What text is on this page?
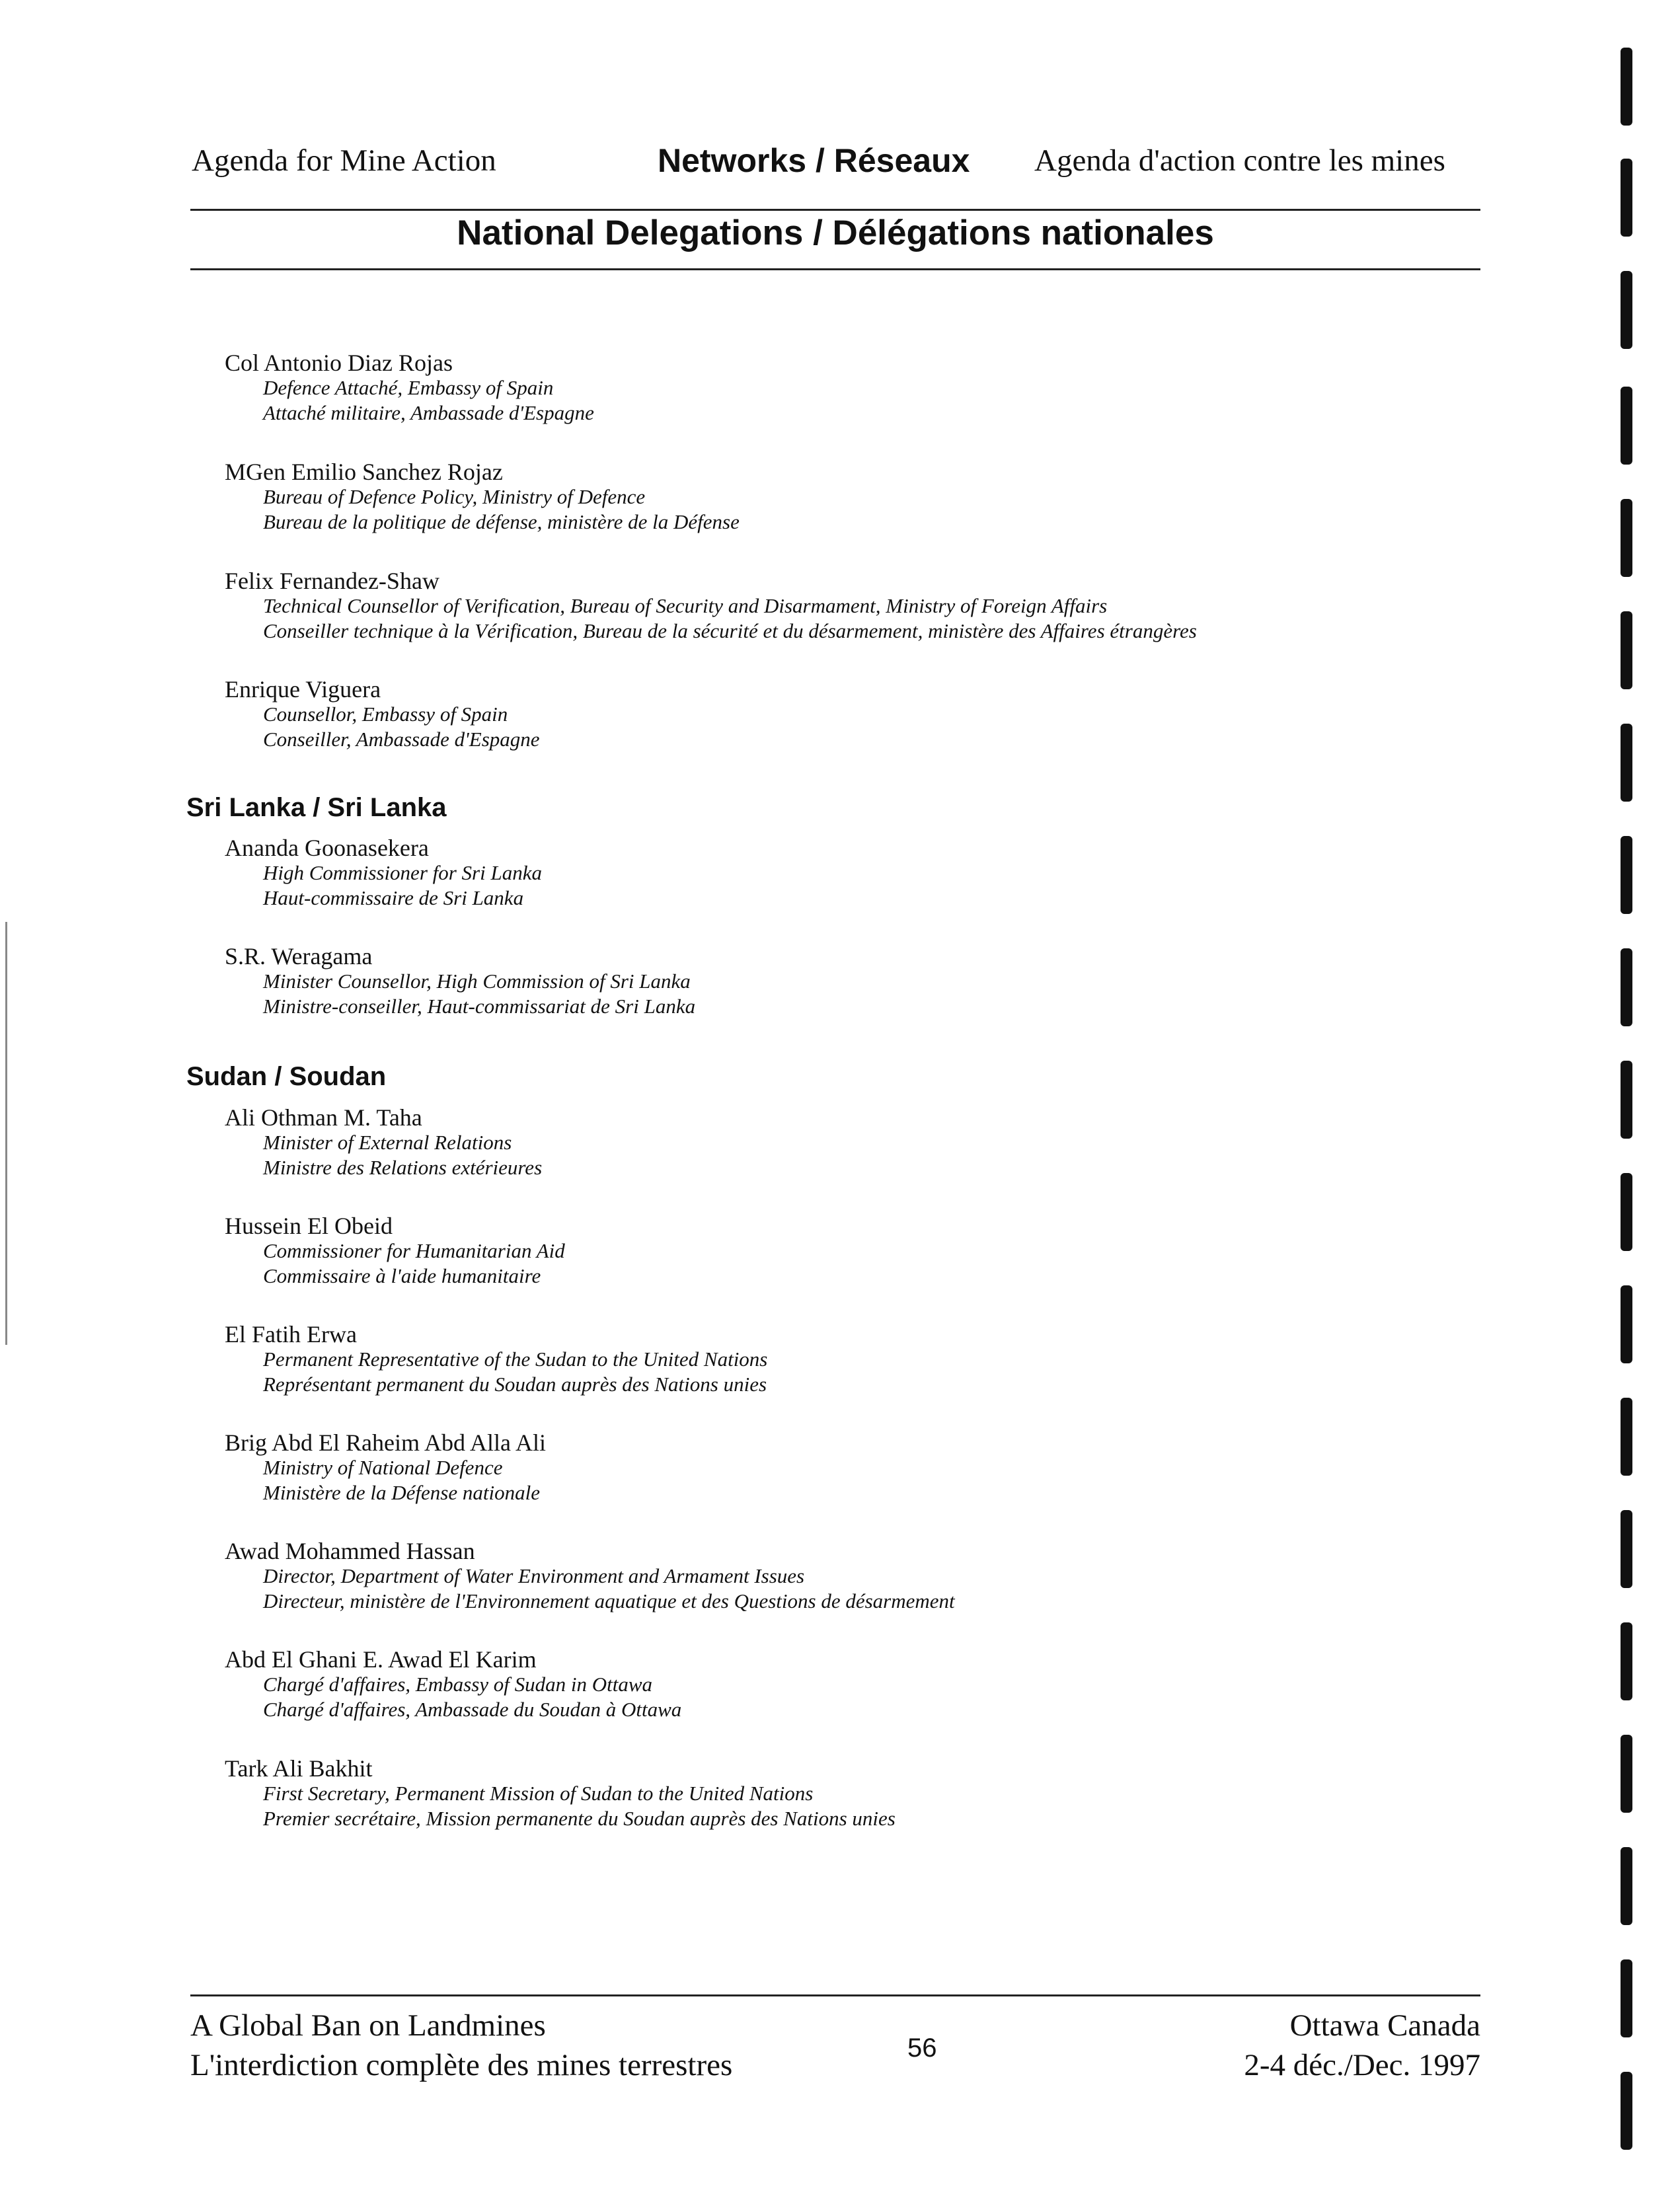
Agenda for Mine Action	Networks / Réseaux Agenda d'action contre les mines
National Delegations / Délégations nationales
Col Antonio Diaz Rojas
Defence Attaché, Embassy of Spain
Attaché militaire, Ambassade d'Espagne
MGen Emilio Sanchez Rojaz
Bureau of Defence Policy, Ministry of Defence
Bureau de la politique de défense, ministère de la Défense
Felix Fernandez-Shaw
Technical Counsellor of Verification, Bureau of Security and Disarmament, Ministry of Foreign Affairs
Conseiller technique à la Vérification, Bureau de la sécurité et du désarmement, ministère des Affaires étrangères
Enrique Viguera
Counsellor, Embassy of Spain
Conseiller, Ambassade d'Espagne
Sri Lanka / Sri Lanka
Ananda Goonasekera
High Commissioner for Sri Lanka
Haut-commissaire de Sri Lanka
S.R. Weragama
Minister Counsellor, High Commission of Sri Lanka
Ministre-conseiller, Haut-commissariat de Sri Lanka
Sudan / Soudan
Ali Othman M. Taha
Minister of External Relations
Ministre des Relations extérieures
Hussein El Obeid
Commissioner for Humanitarian Aid
Commissaire à l'aide humanitaire
El Fatih Erwa
Permanent Representative of the Sudan to the United Nations
Représentant permanent du Soudan auprès des Nations unies
Brig Abd El Raheim Abd Alla Ali
Ministry of National Defence
Ministère de la Défense nationale
Awad Mohammed Hassan
Director, Department of Water Environment and Armament Issues
Directeur, ministère de l'Environnement aquatique et des Questions de désarmement
Abd El Ghani E. Awad El Karim
Chargé d'affaires, Embassy of Sudan in Ottawa
Chargé d'affaires, Ambassade du Soudan à Ottawa
Tark Ali Bakhit
First Secretary, Permanent Mission of Sudan to the United Nations
Premier secrétaire, Mission permanente du Soudan auprès des Nations unies
A Global Ban on Landmines
L'interdiction complète des mines terrestres	56
Ottawa Canada
2-4 déc./Dec. 1997
